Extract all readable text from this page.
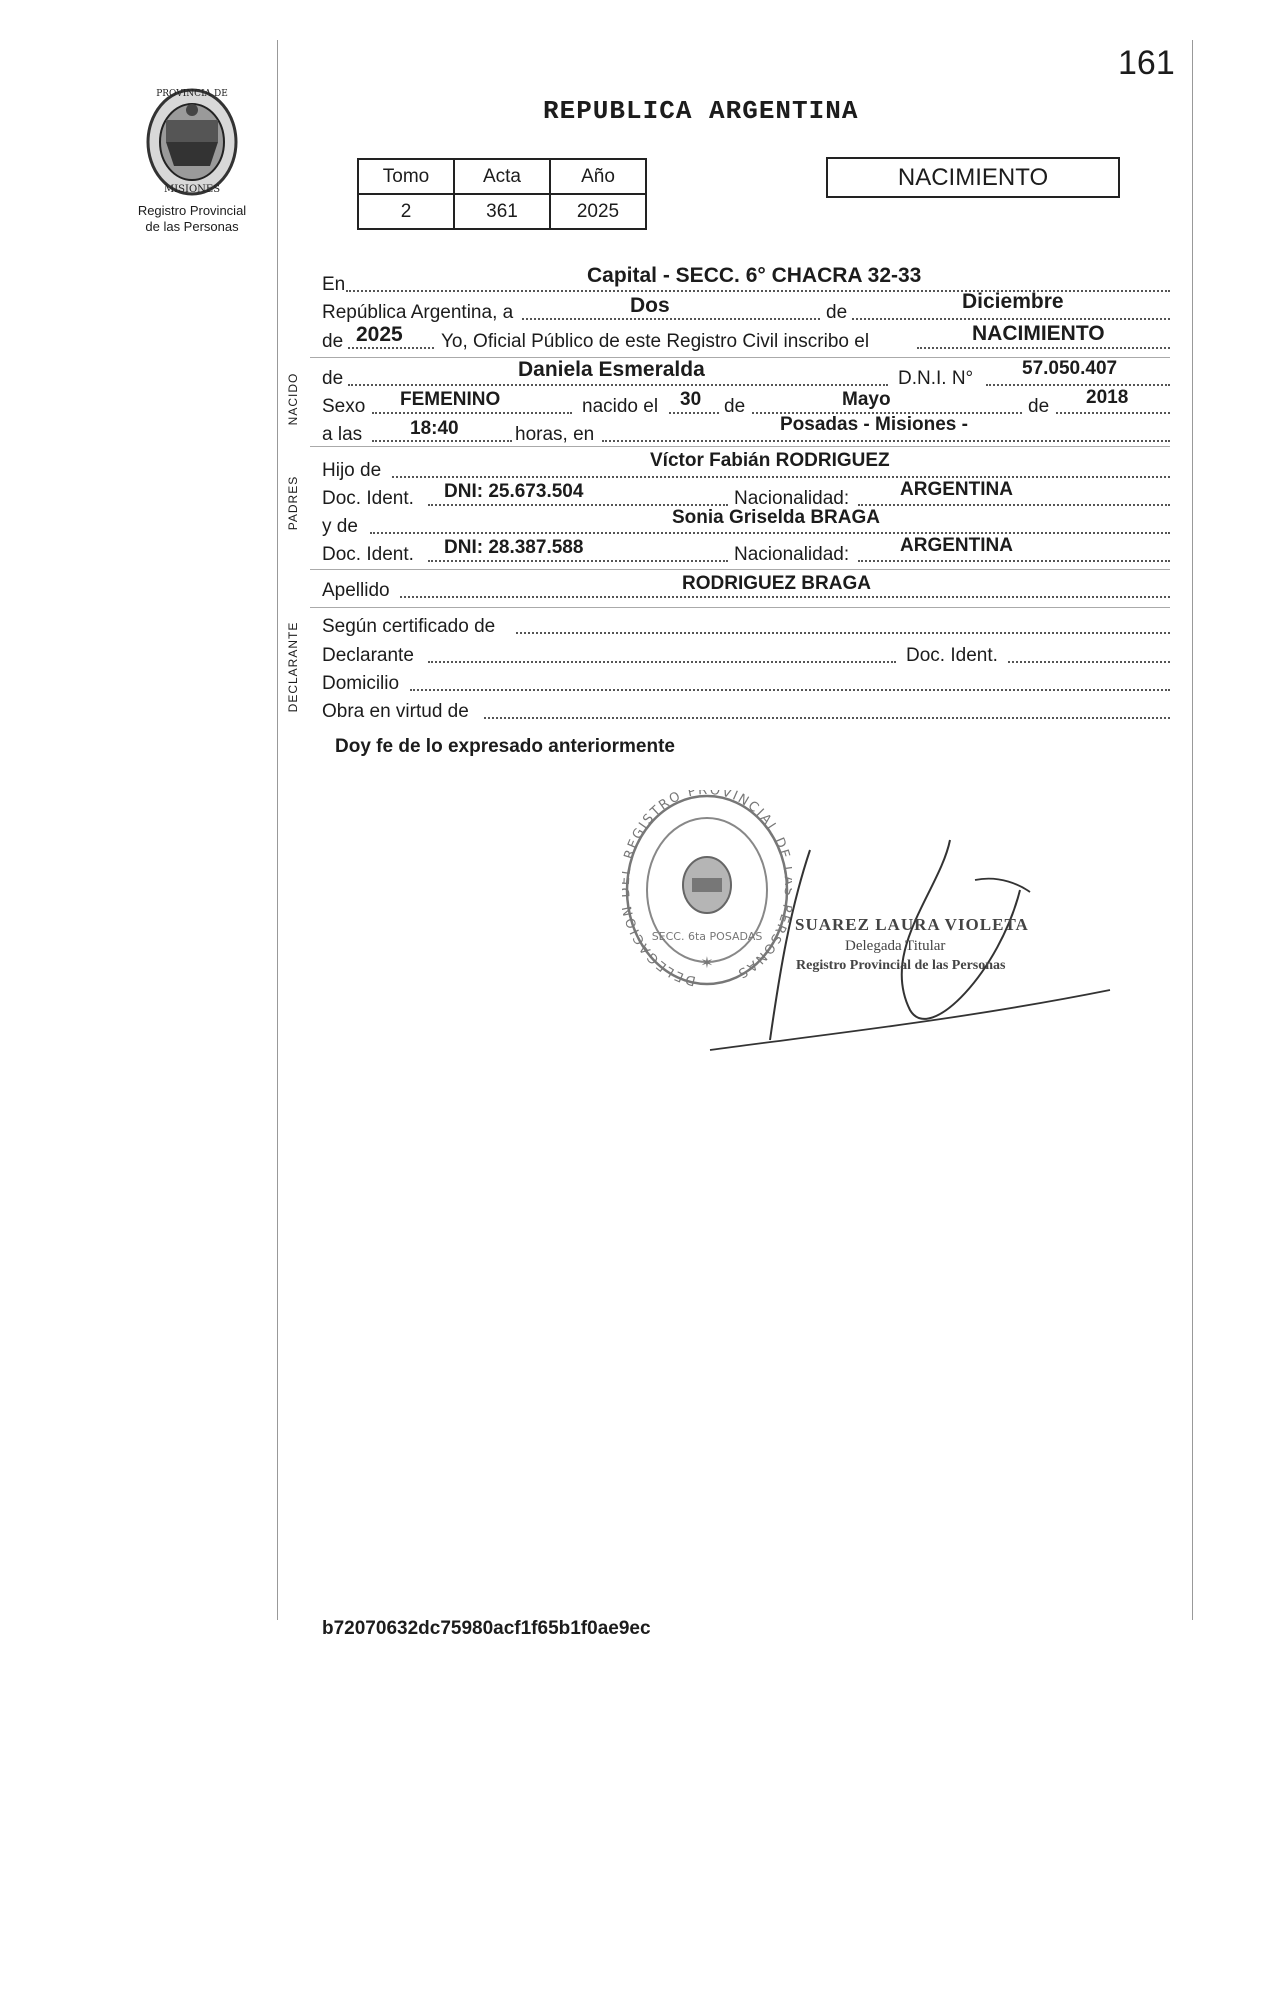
161
PROVINCIA DE
MISIONES
Registro Provincial
de las Personas
REPUBLICA ARGENTINA
Tomo	Acta	Año
2	361	2025
NACIMIENTO
NACIDO
PADRES
DECLARANTE
En	Capital - SECC. 6° CHACRA 32-33
República Argentina, a	Dos	de	Diciembre
de 2025 Yo, Oficial Público de este Registro Civil inscribo el	NACIMIENTO
de	Daniela Esmeralda	D.N.I. N°	57.050.407
Sexo FEMENINO	nacido el 30 de	Mayo	de 2018
a las	18:40	horas, en	Posadas - Misiones -
Hijo de	Víctor Fabián RODRIGUEZ
Doc. Ident. DNI: 25.673.504	Nacionalidad:	ARGENTINA
y de	Sonia Griselda BRAGA
Doc. Ident. DNI: 28.387.588	Nacionalidad:	ARGENTINA
Apellido	RODRIGUEZ BRAGA
Según certificado de
Declarante	Doc. Ident.
Domicilio
Obra en virtud de
Doy fe de lo expresado anteriormente
DELEGACIO REGISTRO PROVINCIAL DE ERSONAS
SECC. 6ta POSADAS
✶
SUAREZ LAURA VIOLETA
Delegada Titular
Registro Provincial de las Personas
b72070632dc75980acf1f65b1f0ae9ec
